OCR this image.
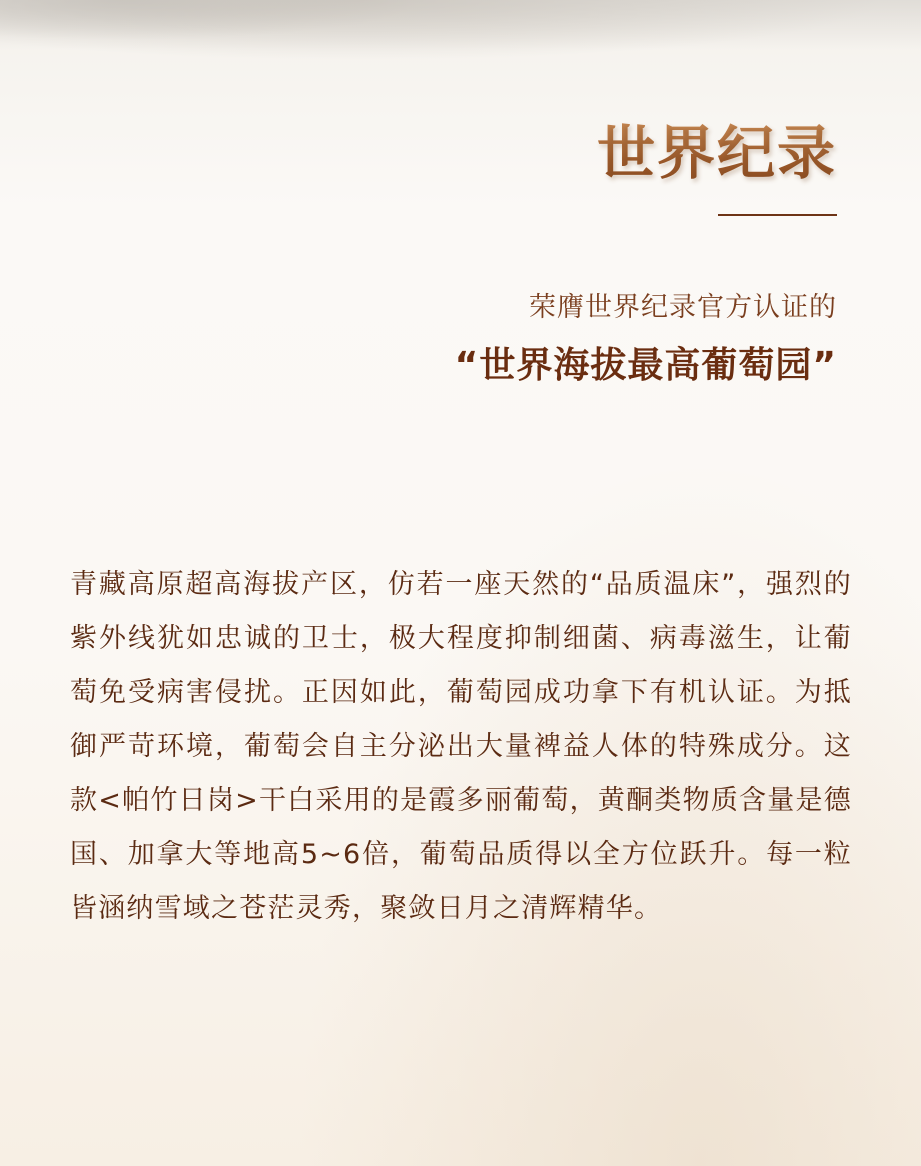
世界纪录
荣膺世界纪录官方认证的
“世界海拔最高葡萄园”

青藏高原超高海拔产区，仿若一座天然的“品质温床”，强烈的紫外线犹如忠诚的卫士，极大程度抑制细菌、病毒滋生，让葡萄免受病害侵扰。正因如此，葡萄园成功拿下有机认证。为抵御严苛环境，葡萄会自主分泌出大量裨益人体的特殊成分。这款<帕竹日岗>干白采用的是霞多丽葡萄，黄酮类物质含量是德国、加拿大等地高5~6倍，葡萄品质得以全方位跃升。每一粒皆涵纳雪域之苍茫灵秀，聚敛日月之清辉精华。
